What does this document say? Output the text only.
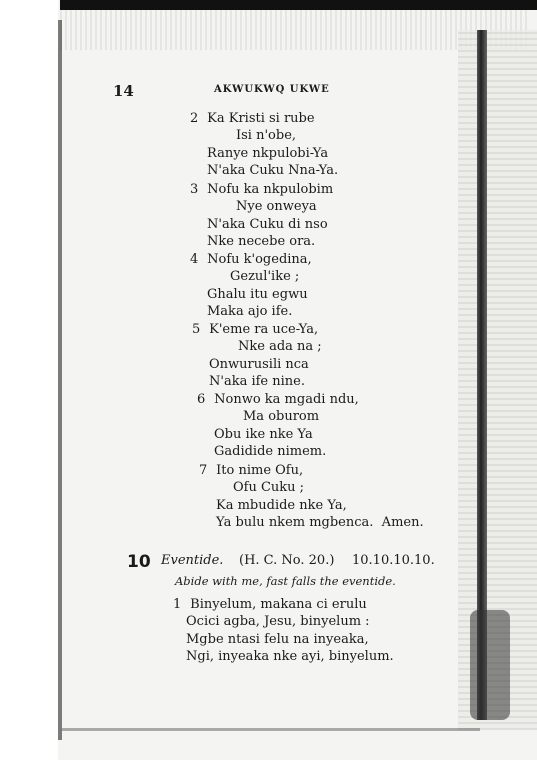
14	AKWUKWQ UKWE
2 Ka Kristi si rube
Isi n'obe,
Ranye nkpulobi-Ya
N'aka Cuku Nna-Ya.
3 Nofu ka nkpulobim
Nye onweya
N'aka Cuku di nso
Nke necebe ora.
4 Nofu k'ogedina,
Gezul'ike ;
Ghalu itu egwu
Maka ajo ife.
5 K'eme ra uce-Ya,
Nke ada na ;
Onwurusili nca
N'aka ife nine.
6 Nonwo ka mgadi ndu,
Ma oburom
Obu ike nke Ya
Gadidide nimem.
7 Ito nime Ofu,
Ofu Cuku ;
Ka mbudide nke Ya,
Ya bulu nkem mgbenca.  Amen.
10 Eventide. (H. C. No. 20.) 10.10.10.10.
Abide with me, fast falls the eventide.
1 Binyelum, makana ci erulu
Ocici agba, Jesu, binyelum :
Mgbe ntasi felu na inyeaka,
Ngi, inyeaka nke ayi, binyelum.
